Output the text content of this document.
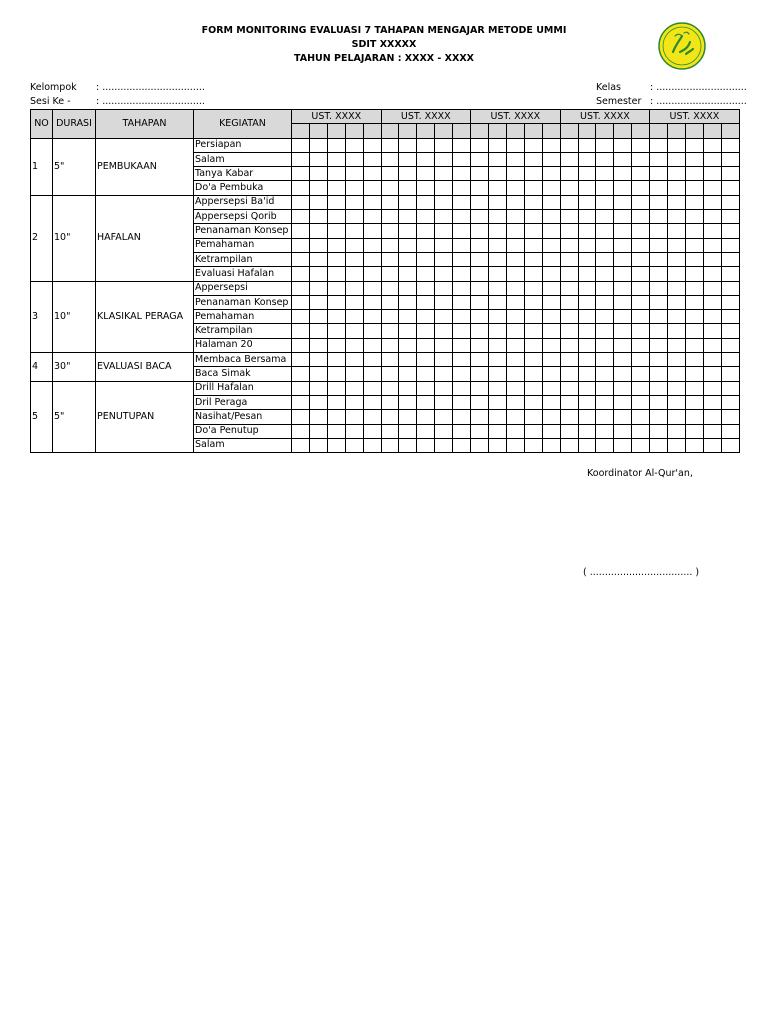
FORM MONITORING EVALUASI 7 TAHAPAN MENGAJAR METODE UMMI
SDIT XXXXX
TAHUN PELAJARAN : XXXX - XXXX
Kelompok : ..................................
Sesi Ke -	: ..................................
Kelas	: ..............................
Semester : ..............................
NO	DURASI	TAHAPAN	KEGIATAN	UST. XXXX					UST. XXXX					UST. XXXX					UST. XXXX					UST. XXXX				

1	5"	PEMBUKAAN	Persiapan																									
			Salam																									
			Tanya Kabar																									
			Do'a Pembuka																									
2	10"	HAFALAN	Appersepsi Ba'id																									
			Appersepsi Qorib																									
			Penanaman Konsep																									
			Pemahaman																									
			Ketrampilan																									
			Evaluasi Hafalan																									
3	10"	KLASIKAL PERAGA	Appersepsi																									
			Penanaman Konsep																									
			Pemahaman																									
			Ketrampilan																									
			Halaman 20																									
4	30"	EVALUASI BACA	Membaca Bersama																									
			Baca Simak																									
5	5"	PENUTUPAN	Drill Hafalan																									
			Dril Peraga																									
			Nasihat/Pesan																									
			Do'a Penutup																									
			Salam																									
Koordinator Al-Qur'an,
( .................................. )
